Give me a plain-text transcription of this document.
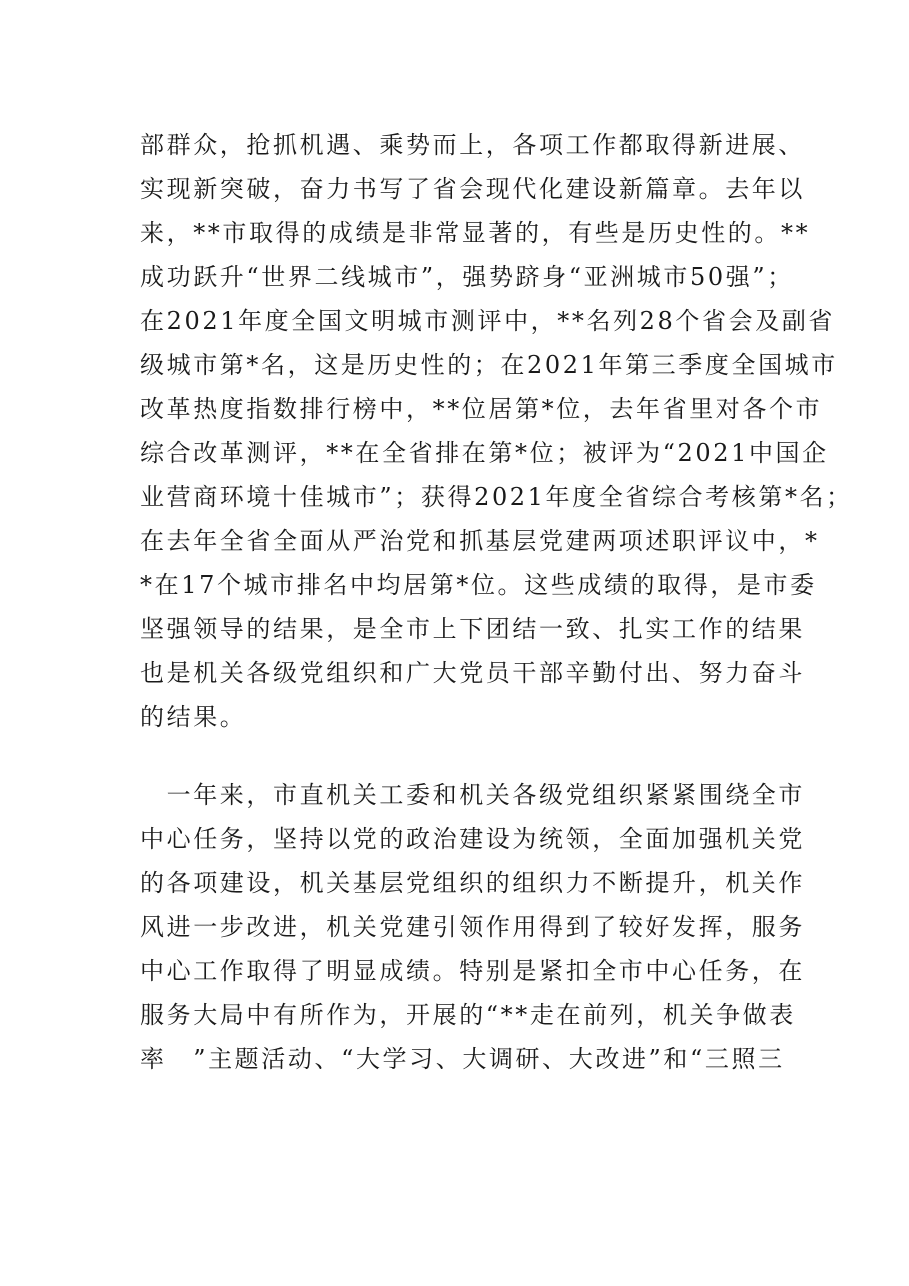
部群众，抢抓机遇、乘势而上，各项工作都取得新进展、
实现新突破，奋力书写了省会现代化建设新篇章。去年以
来，**市取得的成绩是非常显著的，有些是历史性的。**
成功跃升“世界二线城市”，强势跻身“亚洲城市50强”；
在2021年度全国文明城市测评中，**名列28个省会及副省
级城市第*名，这是历史性的；在2021年第三季度全国城市
改革热度指数排行榜中，**位居第*位，去年省里对各个市
综合改革测评，**在全省排在第*位；被评为“2021中国企
业营商环境十佳城市”；获得2021年度全省综合考核第*名；
在去年全省全面从严治党和抓基层党建两项述职评议中，*
*在17个城市排名中均居第*位。这些成绩的取得，是市委
坚强领导的结果，是全市上下团结一致、扎实工作的结果
也是机关各级党组织和广大党员干部辛勤付出、努力奋斗
的结果。
　一年来，市直机关工委和机关各级党组织紧紧围绕全市
中心任务，坚持以党的政治建设为统领，全面加强机关党
的各项建设，机关基层党组织的组织力不断提升，机关作
风进一步改进，机关党建引领作用得到了较好发挥，服务
中心工作取得了明显成绩。特别是紧扣全市中心任务，在
服务大局中有所作为，开展的“**走在前列，机关争做表
率　”主题活动、“大学习、大调研、大改进”和“三照三
